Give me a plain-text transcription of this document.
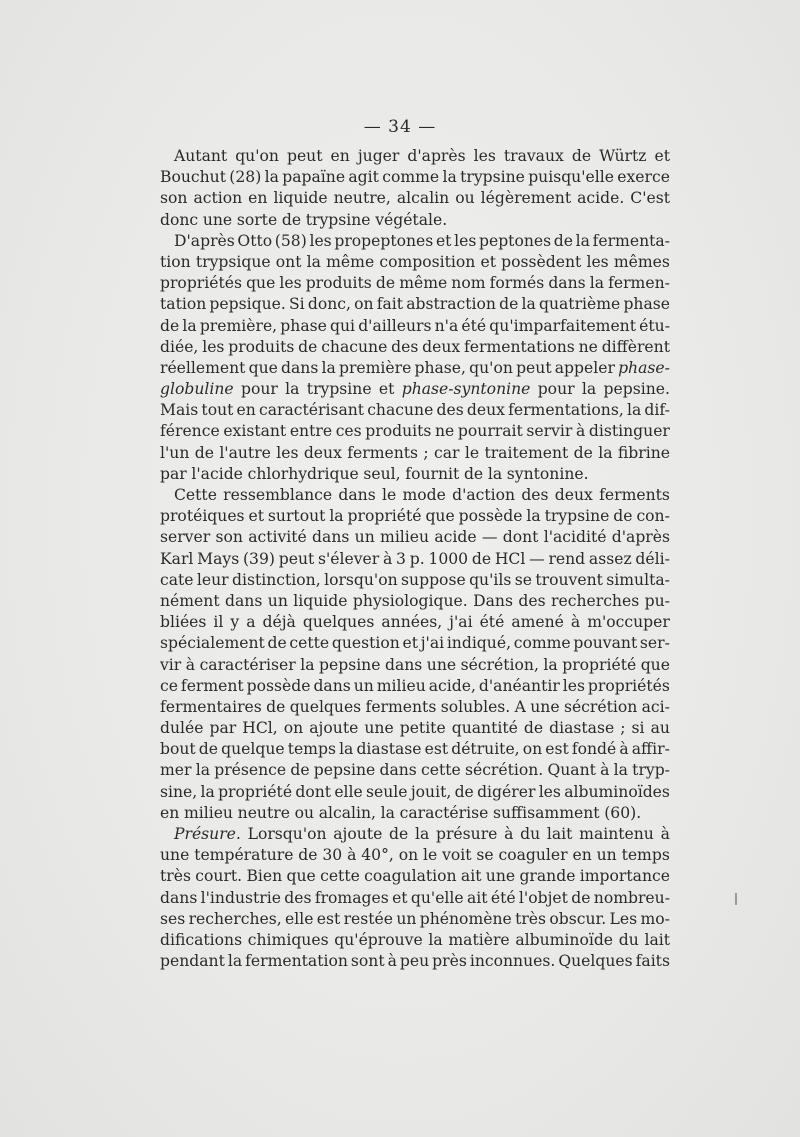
— 34 —
Autant qu'on peut en juger d'après les travaux de Würtz et
Bouchut (28) la papaïne agit comme la trypsine puisqu'elle exerce
son action en liquide neutre, alcalin ou légèrement acide. C'est
donc une sorte de trypsine végétale.
D'après Otto (58) les propeptones et les peptones de la fermenta-
tion trypsique ont la même composition et possèdent les mêmes
propriétés que les produits de même nom formés dans la fermen-
tation pepsique. Si donc, on fait abstraction de la quatrième phase
de la première, phase qui d'ailleurs n'a été qu'imparfaitement étu-
diée, les produits de chacune des deux fermentations ne diffèrent
réellement que dans la première phase, qu'on peut appeler phase-
globuline pour la trypsine et phase-syntonine pour la pepsine.
Mais tout en caractérisant chacune des deux fermentations, la dif-
férence existant entre ces produits ne pourrait servir à distinguer
l'un de l'autre les deux ferments ; car le traitement de la fibrine
par l'acide chlorhydrique seul, fournit de la syntonine.
Cette ressemblance dans le mode d'action des deux ferments
protéiques et surtout la propriété que possède la trypsine de con-
server son activité dans un milieu acide — dont l'acidité d'après
Karl Mays (39) peut s'élever à 3 p. 1000 de HCl — rend assez déli-
cate leur distinction, lorsqu'on suppose qu'ils se trouvent simulta-
nément dans un liquide physiologique. Dans des recherches pu-
bliées il y a déjà quelques années, j'ai été amené à m'occuper
spécialement de cette question et j'ai indiqué, comme pouvant ser-
vir à caractériser la pepsine dans une sécrétion, la propriété que
ce ferment possède dans un milieu acide, d'anéantir les propriétés
fermentaires de quelques ferments solubles. A une sécrétion aci-
dulée par HCl, on ajoute une petite quantité de diastase ; si au
bout de quelque temps la diastase est détruite, on est fondé à affir-
mer la présence de pepsine dans cette sécrétion. Quant à la tryp-
sine, la propriété dont elle seule jouit, de digérer les albuminoïdes
en milieu neutre ou alcalin, la caractérise suffisamment (60).
Présure. Lorsqu'on ajoute de la présure à du lait maintenu à
une température de 30 à 40°, on le voit se coaguler en un temps
très court. Bien que cette coagulation ait une grande importance
dans l'industrie des fromages et qu'elle ait été l'objet de nombreu-
ses recherches, elle est restée un phénomène très obscur. Les mo-
difications chimiques qu'éprouve la matière albuminoïde du lait
pendant la fermentation sont à peu près inconnues. Quelques faits
